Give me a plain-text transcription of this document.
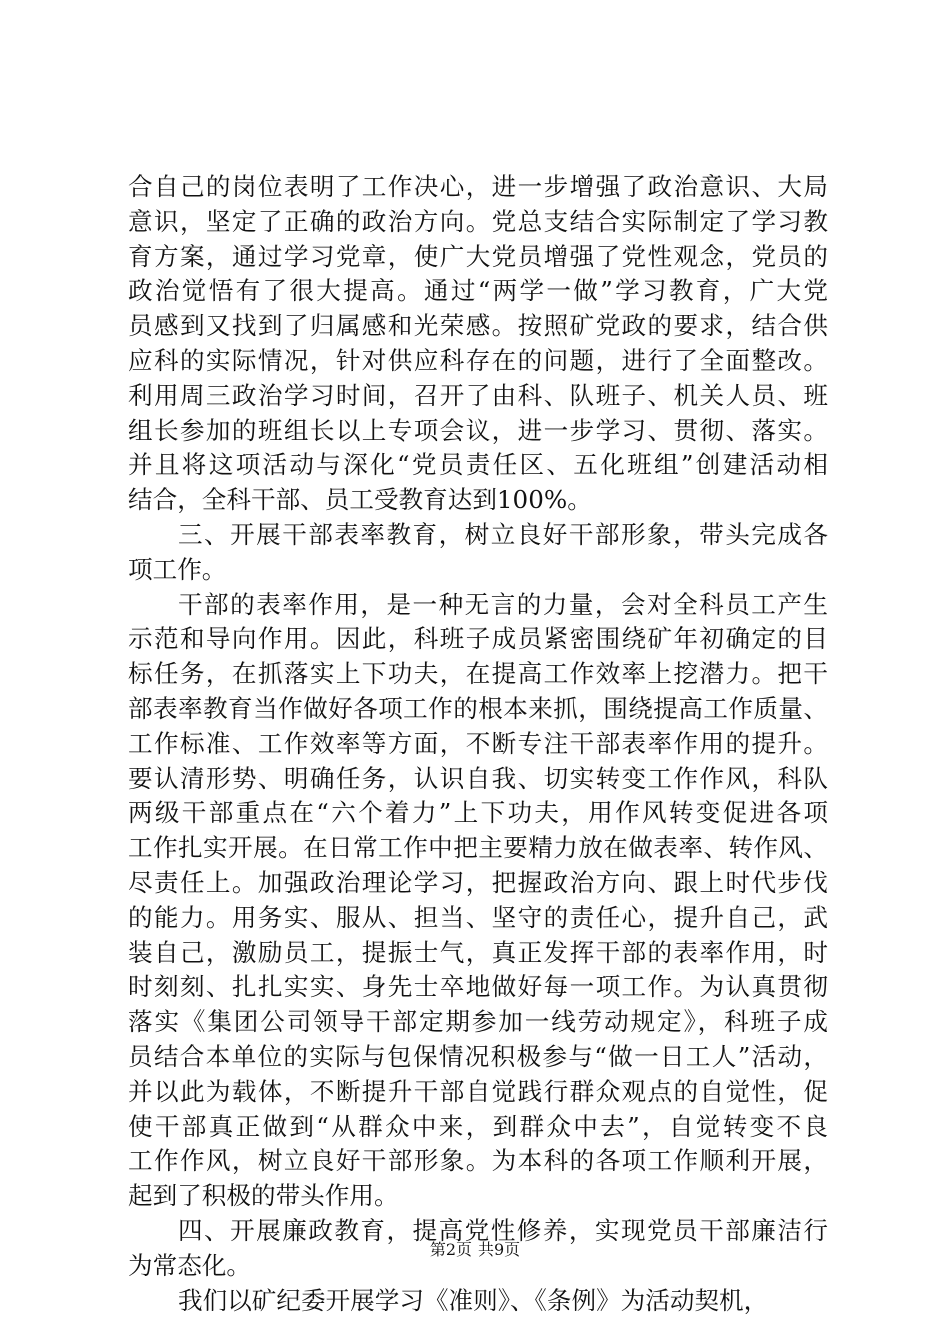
合自己的岗位表明了工作决心，进一步增强了政治意识、大局
意识，坚定了正确的政治方向。党总支结合实际制定了学习教
育方案，通过学习党章，使广大党员增强了党性观念，党员的
政治觉悟有了很大提高。通过“两学一做”学习教育，广大党
员感到又找到了归属感和光荣感。按照矿党政的要求，结合供
应科的实际情况，针对供应科存在的问题，进行了全面整改。
利用周三政治学习时间，召开了由科、队班子、机关人员、班
组长参加的班组长以上专项会议，进一步学习、贯彻、落实。
并且将这项活动与深化“党员责任区、五化班组”创建活动相
结合，全科干部、员工受教育达到100%。
三、开展干部表率教育，树立良好干部形象，带头完成各
项工作。
干部的表率作用，是一种无言的力量，会对全科员工产生
示范和导向作用。因此，科班子成员紧密围绕矿年初确定的目
标任务，在抓落实上下功夫，在提高工作效率上挖潜力。把干
部表率教育当作做好各项工作的根本来抓，围绕提高工作质量、
工作标准、工作效率等方面，不断专注干部表率作用的提升。
要认清形势、明确任务，认识自我、切实转变工作作风，科队
两级干部重点在“六个着力”上下功夫，用作风转变促进各项
工作扎实开展。在日常工作中把主要精力放在做表率、转作风、
尽责任上。加强政治理论学习，把握政治方向、跟上时代步伐
的能力。用务实、服从、担当、坚守的责任心，提升自己，武
装自己，激励员工，提振士气，真正发挥干部的表率作用，时
时刻刻、扎扎实实、身先士卒地做好每一项工作。为认真贯彻
落实《集团公司领导干部定期参加一线劳动规定》，科班子成
员结合本单位的实际与包保情况积极参与“做一日工人”活动，
并以此为载体，不断提升干部自觉践行群众观点的自觉性，促
使干部真正做到“从群众中来，到群众中去”，自觉转变不良
工作作风，树立良好干部形象。为本科的各项工作顺利开展，
起到了积极的带头作用。
四、开展廉政教育，提高党性修养，实现党员干部廉洁行
为常态化。
我们以矿纪委开展学习《准则》、《条例》为活动契机，
第2页 共9页
